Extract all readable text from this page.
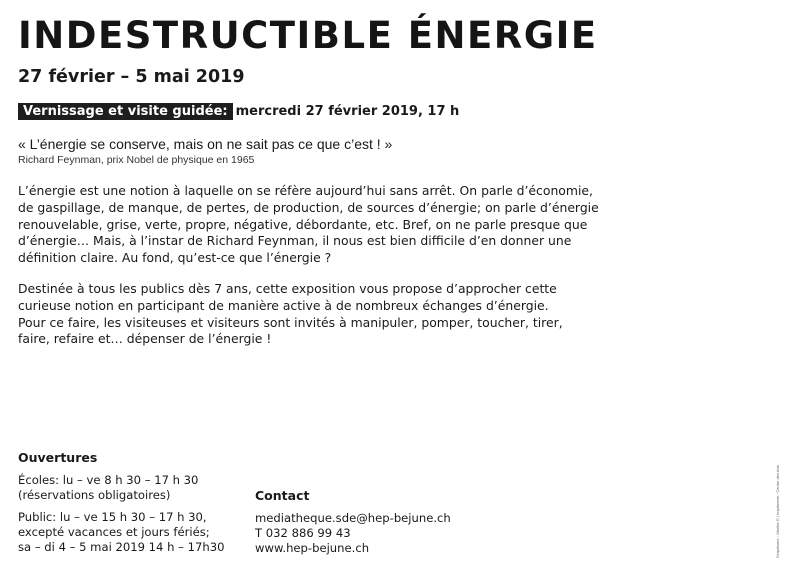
INDESTRUCTIBLE ÉNERGIE
27 février – 5 mai 2019
Vernissage et visite guidée: mercredi 27 février 2019, 17 h
« L’énergie se conserve, mais on ne sait pas ce que c’est ! »
Richard Feynman, prix Nobel de physique en 1965

L’énergie est une notion à laquelle on se réfère aujourd’hui sans arrêt. On parle d’économie,
de gaspillage, de manque, de pertes, de production, de sources d’énergie; on parle d’énergie
renouvelable, grise, verte, propre, négative, débordante, etc. Bref, on ne parle presque que
d’énergie… Mais, à l’instar de Richard Feynman, il nous est bien difficile d’en donner une
définition claire. Au fond, qu’est-ce que l’énergie ?

Destinée à tous les publics dès 7 ans, cette exposition vous propose d’approcher cette
curieuse notion en participant de manière active à de nombreux échanges d’énergie.
Pour ce faire, les visiteuses et visiteurs sont invités à manipuler, pomper, toucher, tirer,
faire, refaire et… dépenser de l’énergie !

Ouvertures
Écoles: lu – ve 8 h 30 – 17 h 30
(réservations obligatoires)
Public: lu – ve 15 h 30 – 17 h 30,
excepté vacances et jours fériés;
sa – di 4 – 5 mai 2019 14 h – 17h30
Contact
mediatheque.sde@hep-bejune.ch
T 032 886 99 43
www.hep-bejune.ch	Graphisme : l'Atelier D | Imprimerie : Centre des Arts
